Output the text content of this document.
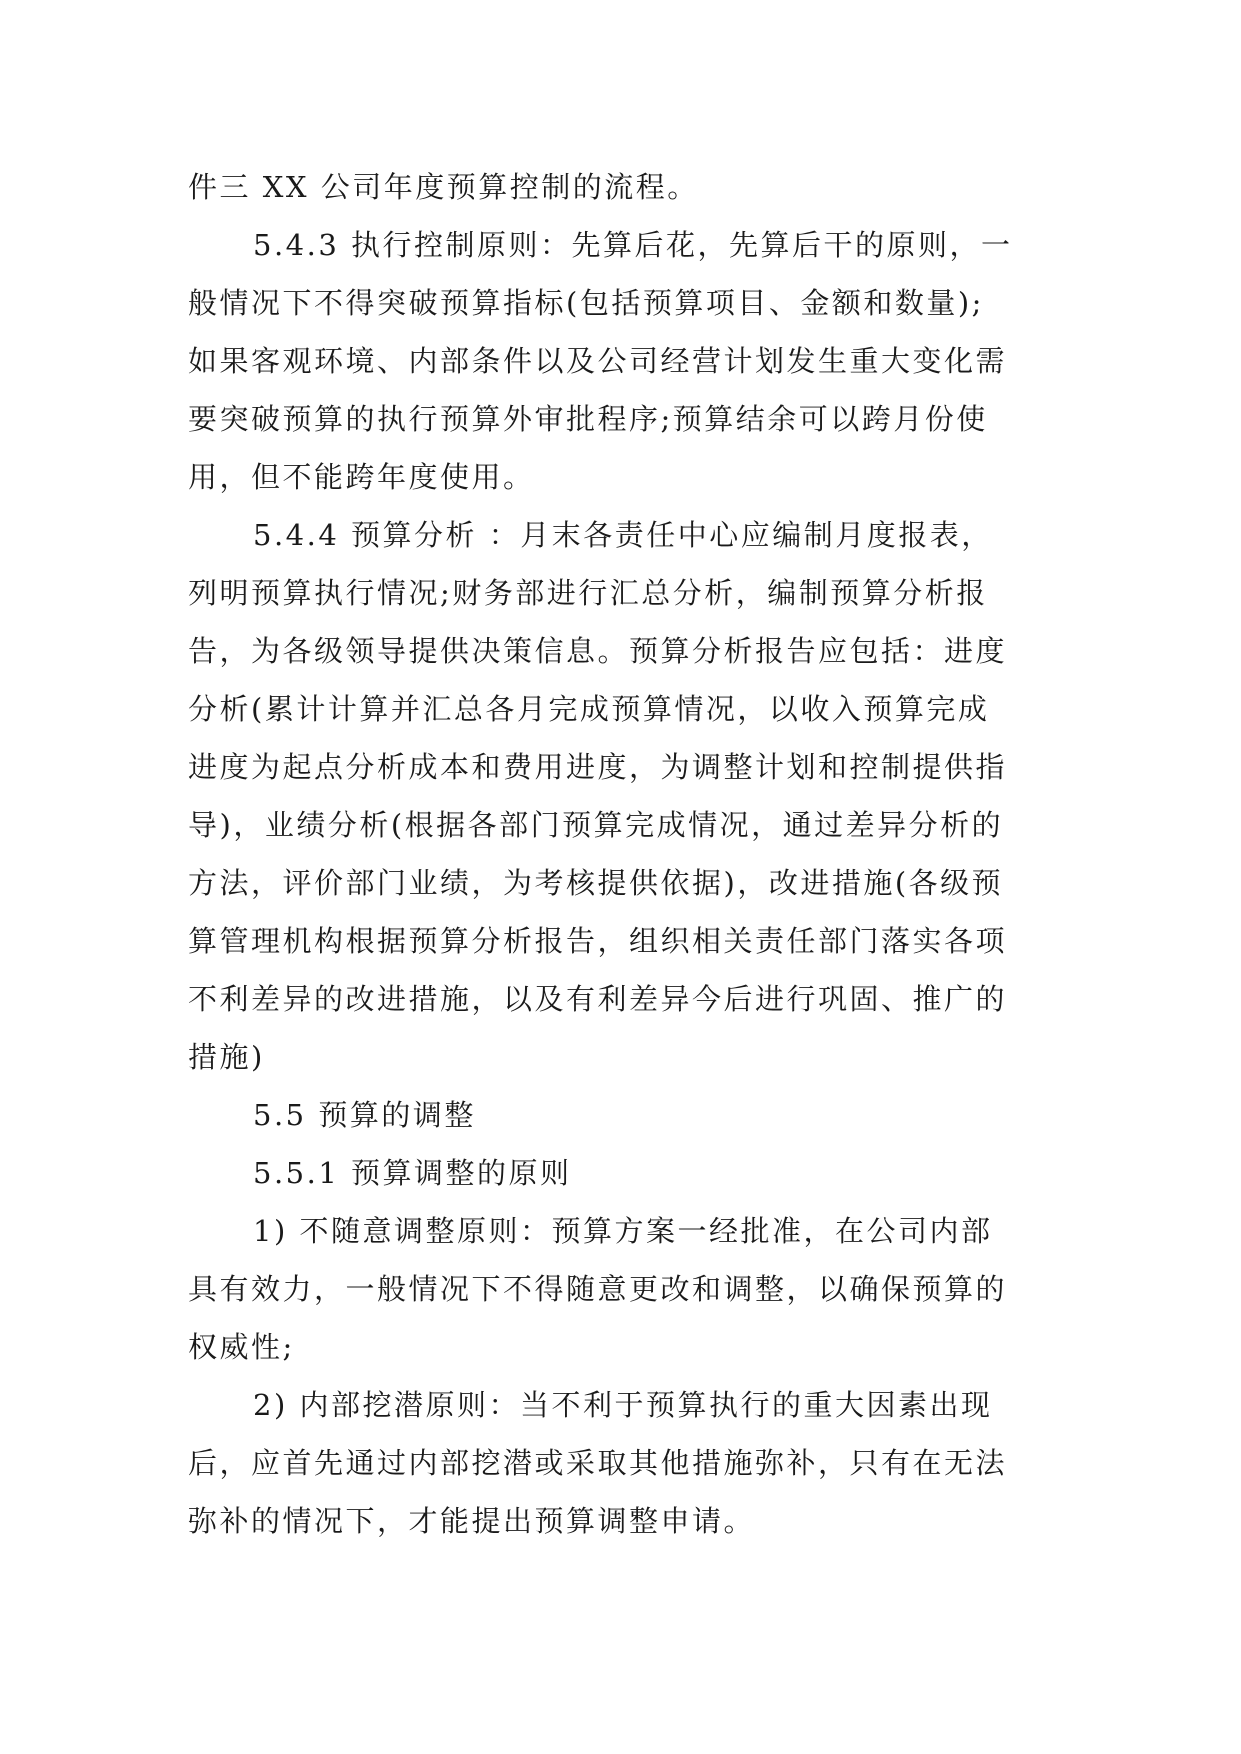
件三 XX 公司年度预算控制的流程。
5.4.3 执行控制原则：先算后花，先算后干的原则，一
般情况下不得突破预算指标(包括预算项目、金额和数量);
如果客观环境、内部条件以及公司经营计划发生重大变化需
要突破预算的执行预算外审批程序;预算结余可以跨月份使
用，但不能跨年度使用。
5.4.4 预算分析 ：月末各责任中心应编制月度报表，
列明预算执行情况;财务部进行汇总分析，编制预算分析报
告，为各级领导提供决策信息。预算分析报告应包括：进度
分析(累计计算并汇总各月完成预算情况，以收入预算完成
进度为起点分析成本和费用进度，为调整计划和控制提供指
导)，业绩分析(根据各部门预算完成情况，通过差异分析的
方法，评价部门业绩，为考核提供依据)，改进措施(各级预
算管理机构根据预算分析报告，组织相关责任部门落实各项
不利差异的改进措施，以及有利差异今后进行巩固、推广的
措施)
5.5 预算的调整
5.5.1 预算调整的原则
1) 不随意调整原则：预算方案一经批准，在公司内部
具有效力，一般情况下不得随意更改和调整，以确保预算的
权威性;
2) 内部挖潜原则：当不利于预算执行的重大因素出现
后，应首先通过内部挖潜或采取其他措施弥补，只有在无法
弥补的情况下，才能提出预算调整申请。
